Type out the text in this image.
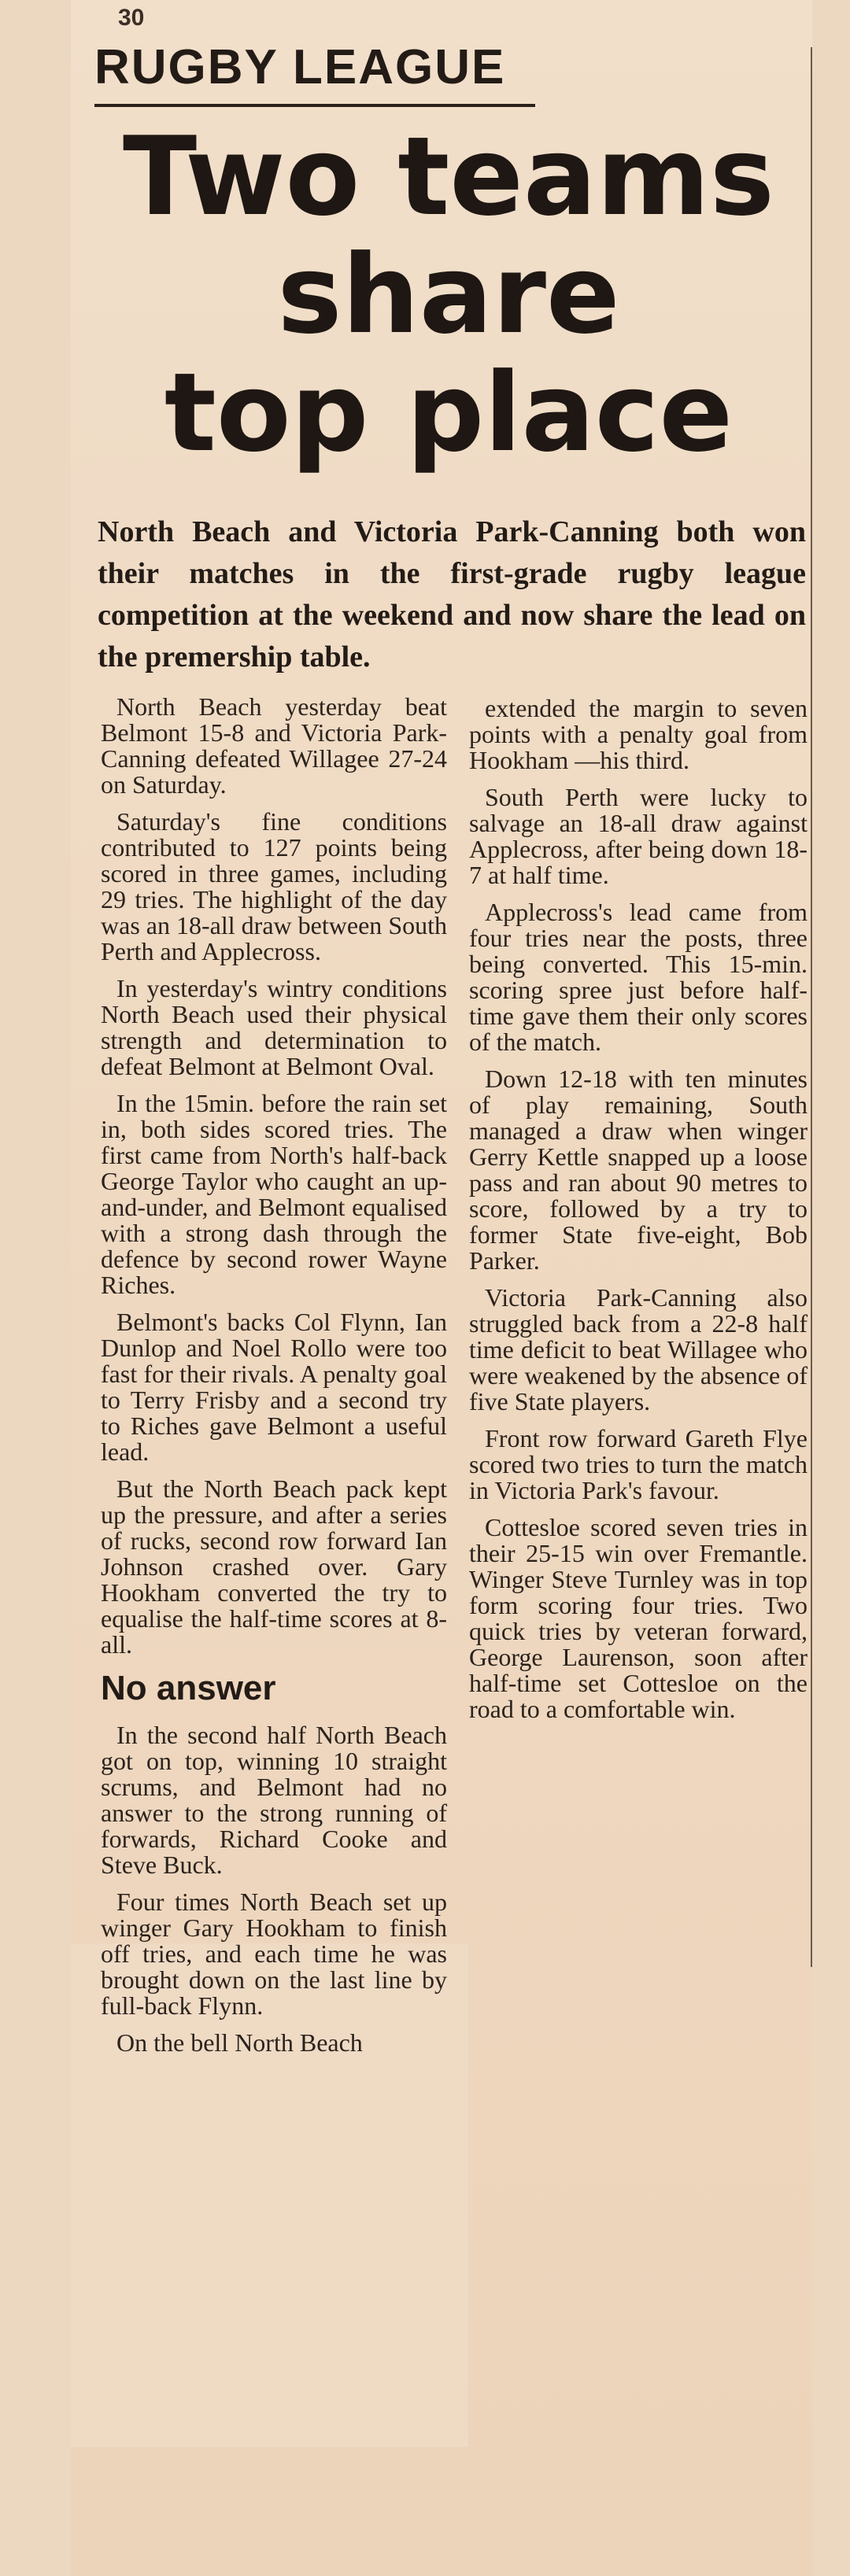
30
RUGBY LEAGUE
Two teams
share
top place
North Beach and Victoria Park-Canning both won their matches in the first-grade rugby league competition at the weekend and now share the lead on the premership table.

North Beach yesterday beat Belmont 15-8 and Victoria Park-Canning defeated Willagee 27-24 on Saturday.

Saturday's fine conditions contributed to 127 points being scored in three games, including 29 tries. The highlight of the day was an 18-all draw between South Perth and Applecross.

In yesterday's wintry conditions North Beach used their physical strength and determination to defeat Belmont at Belmont Oval.

In the 15min. before the rain set in, both sides scored tries. The first came from North's half-back George Taylor who caught an up-and-under, and Belmont equalised with a strong dash through the defence by second rower Wayne Riches.

Belmont's backs Col Flynn, Ian Dunlop and Noel Rollo were too fast for their rivals. A penalty goal to Terry Frisby and a second try to Riches gave Belmont a useful lead.

But the North Beach pack kept up the pressure, and after a series of rucks, second row forward Ian Johnson crashed over. Gary Hookham converted the try to equalise the half-time scores at 8-all.

No answer

In the second half North Beach got on top, winning 10 straight scrums, and Belmont had no answer to the strong running of forwards, Richard Cooke and Steve Buck.

Four times North Beach set up winger Gary Hookham to finish off tries, and each time he was brought down on the last line by full-back Flynn.

On the bell North Beach

extended the margin to seven points with a penalty goal from Hookham —his third.

South Perth were lucky to salvage an 18-all draw against Applecross, after being down 18-7 at half time.

Applecross's lead came from four tries near the posts, three being converted. This 15-min. scoring spree just before half-time gave them their only scores of the match.

Down 12-18 with ten minutes of play remaining, South managed a draw when winger Gerry Kettle snapped up a loose pass and ran about 90 metres to score, followed by a try to former State five-eight, Bob Parker.

Victoria Park-Canning also struggled back from a 22-8 half time deficit to beat Willagee who were weakened by the absence of five State players.

Front row forward Gareth Flye scored two tries to turn the match in Victoria Park's favour.

Cottesloe scored seven tries in their 25-15 win over Fremantle. Winger Steve Turnley was in top form scoring four tries. Two quick tries by veteran forward, George Laurenson, soon after half-time set Cottesloe on the road to a comfortable win.
